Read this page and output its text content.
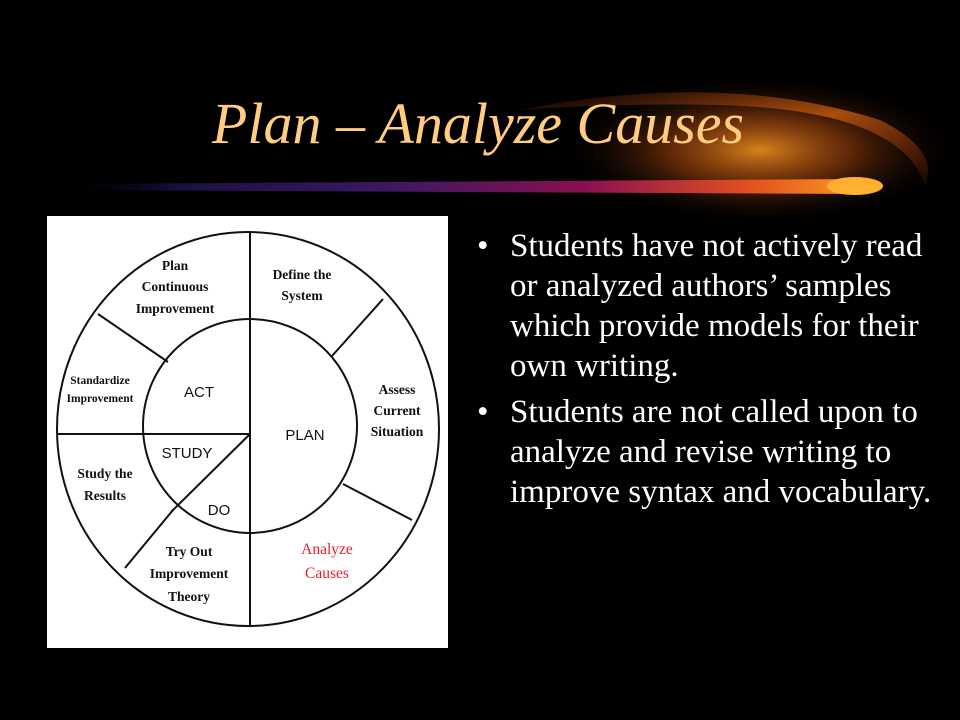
Plan – Analyze Causes
Define the
System
Assess
Current
Situation
Analyze
Causes
Try Out
Improvement
Theory
Study the
Results
Standardize
Improvement
Plan
Continuous
Improvement
PLAN
ACT
STUDY
DO
• Students have not actively read or analyzed authors’ samples which provide models for their own writing.
• Students are not called upon to analyze and revise writing to improve syntax and vocabulary.
